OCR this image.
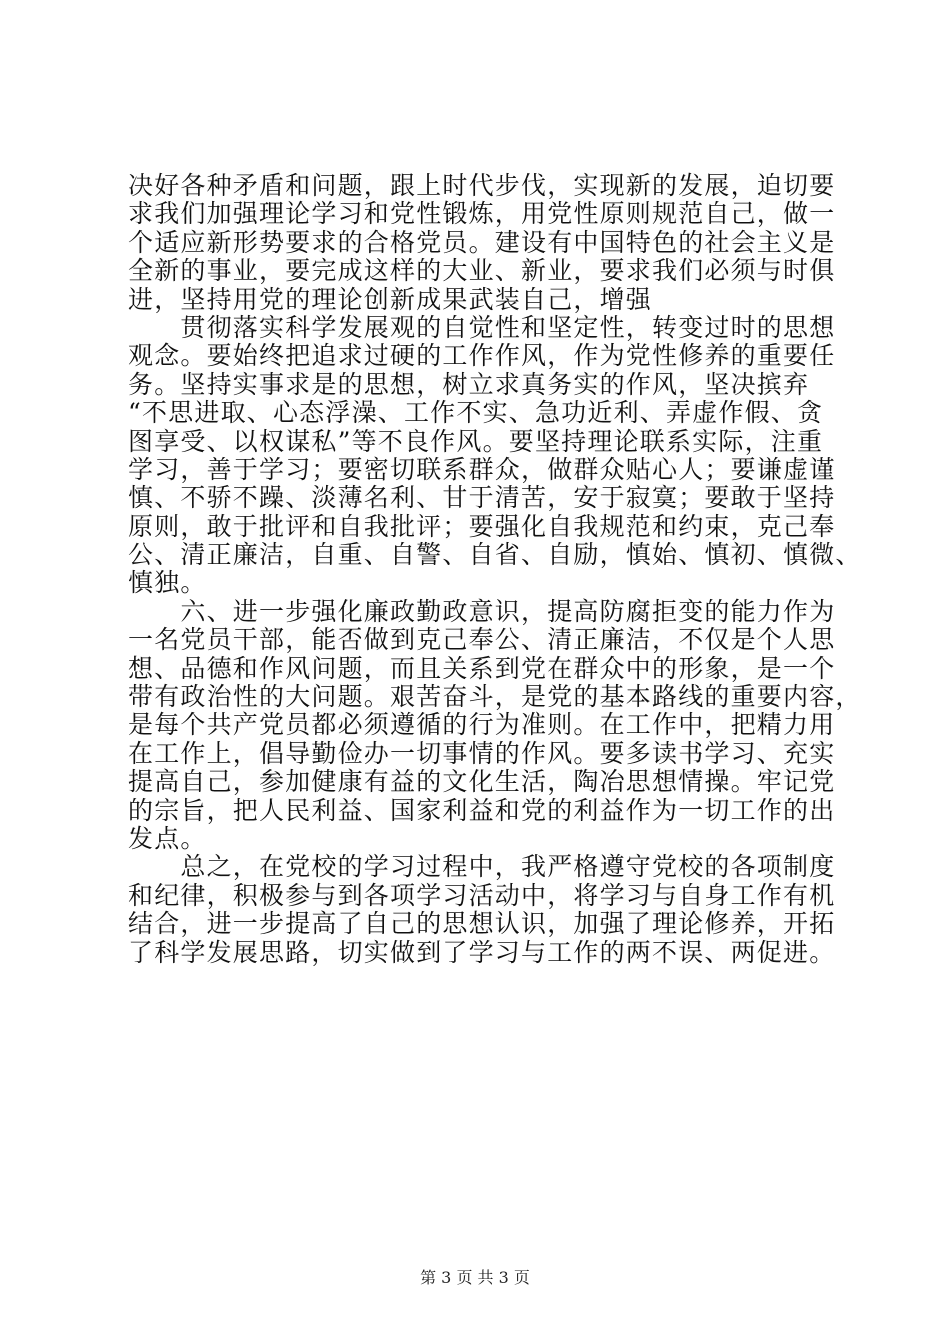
决好各种矛盾和问题，跟上时代步伐，实现新的发展，迫切要
求我们加强理论学习和党性锻炼，用党性原则规范自己，做一
个适应新形势要求的合格党员。建设有中国特色的社会主义是
全新的事业，要完成这样的大业、新业，要求我们必须与时俱
进，坚持用党的理论创新成果武装自己，增强
　　贯彻落实科学发展观的自觉性和坚定性，转变过时的思想
观念。要始终把追求过硬的工作作风，作为党性修养的重要任
务。坚持实事求是的思想，树立求真务实的作风，坚决摈弃
“不思进取、心态浮澡、工作不实、急功近利、弄虚作假、贪
图享受、以权谋私”等不良作风。要坚持理论联系实际，注重
学习，善于学习；要密切联系群众，做群众贴心人；要谦虚谨
慎、不骄不躁、淡薄名利、甘于清苦，安于寂寞；要敢于坚持
原则，敢于批评和自我批评；要强化自我规范和约束，克己奉
公、清正廉洁，自重、自警、自省、自励，慎始、慎初、慎微、
慎独。
　　六、进一步强化廉政勤政意识，提高防腐拒变的能力作为
一名党员干部，能否做到克己奉公、清正廉洁，不仅是个人思
想、品德和作风问题，而且关系到党在群众中的形象，是一个
带有政治性的大问题。艰苦奋斗，是党的基本路线的重要内容，
是每个共产党员都必须遵循的行为准则。在工作中，把精力用
在工作上，倡导勤俭办一切事情的作风。要多读书学习、充实
提高自己，参加健康有益的文化生活，陶冶思想情操。牢记党
的宗旨，把人民利益、国家利益和党的利益作为一切工作的出
发点。
　　总之，在党校的学习过程中，我严格遵守党校的各项制度
和纪律，积极参与到各项学习活动中，将学习与自身工作有机
结合，进一步提高了自己的思想认识，加强了理论修养，开拓
了科学发展思路，切实做到了学习与工作的两不误、两促进。
第 3 页 共 3 页
